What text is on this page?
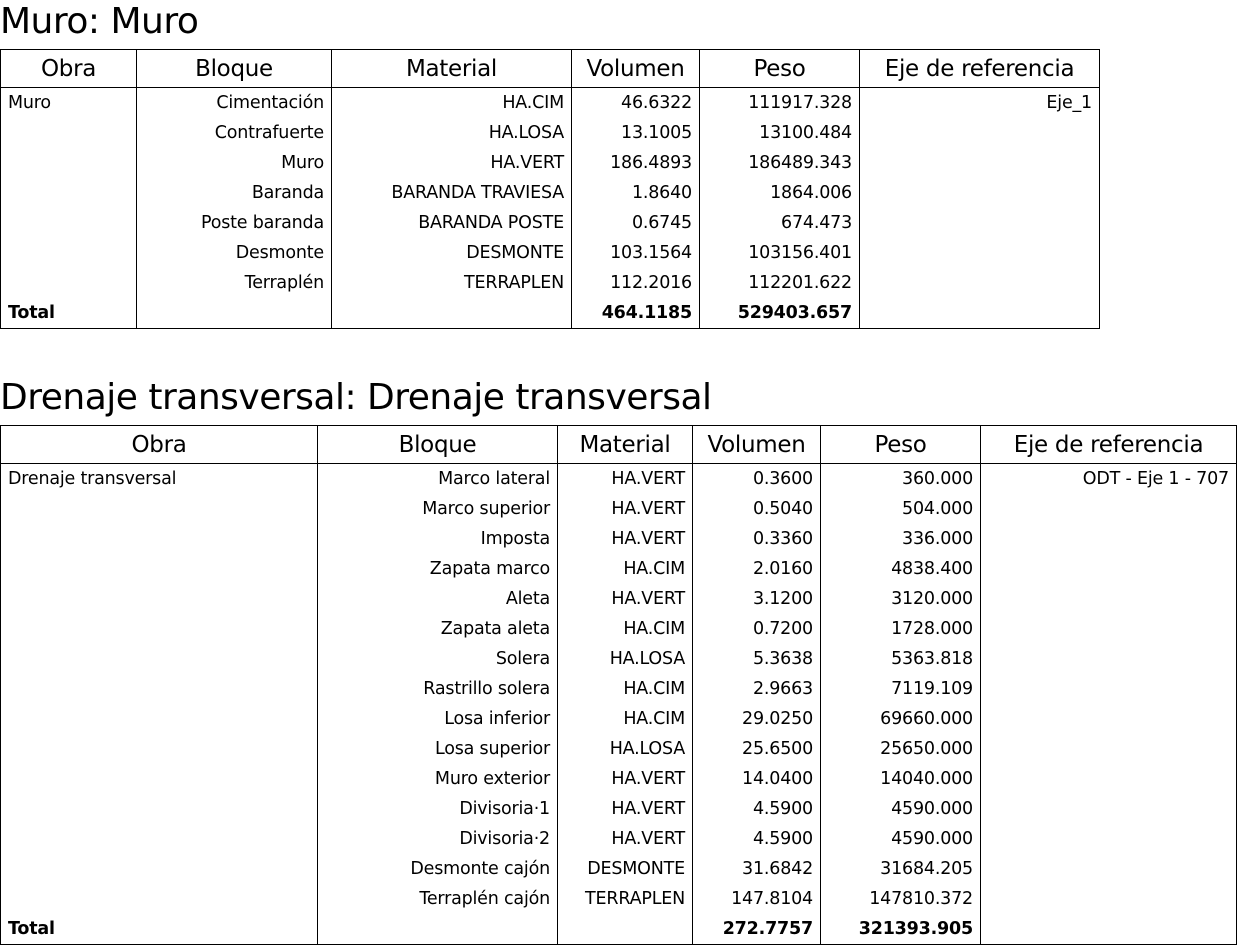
Muro: Muro
Obra	Bloque	Material	Volumen	Peso	Eje de referencia
Muro	Cimentación	HA.CIM	46.6322	111917.328	Eje_1
	Contrafuerte	HA.LOSA	13.1005	13100.484	
	Muro	HA.VERT	186.4893	186489.343	
	Baranda	BARANDA TRAVIESA	1.8640	1864.006	
	Poste baranda	BARANDA POSTE	0.6745	674.473	
	Desmonte	DESMONTE	103.1564	103156.401	
	Terraplén	TERRAPLEN	112.2016	112201.622	
Total			464.1185	529403.657	
Drenaje transversal: Drenaje transversal
Obra	Bloque	Material	Volumen	Peso	Eje de referencia
Drenaje transversal	Marco lateral	HA.VERT	0.3600	360.000	ODT - Eje 1 - 707
	Marco superior	HA.VERT	0.5040	504.000	
	Imposta	HA.VERT	0.3360	336.000	
	Zapata marco	HA.CIM	2.0160	4838.400	
	Aleta	HA.VERT	3.1200	3120.000	
	Zapata aleta	HA.CIM	0.7200	1728.000	
	Solera	HA.LOSA	5.3638	5363.818	
	Rastrillo solera	HA.CIM	2.9663	7119.109	
	Losa inferior	HA.CIM	29.0250	69660.000	
	Losa superior	HA.LOSA	25.6500	25650.000	
	Muro exterior	HA.VERT	14.0400	14040.000	
	Divisoria·1	HA.VERT	4.5900	4590.000	
	Divisoria·2	HA.VERT	4.5900	4590.000	
	Desmonte cajón	DESMONTE	31.6842	31684.205	
	Terraplén cajón	TERRAPLEN	147.8104	147810.372	
Total			272.7757	321393.905	
